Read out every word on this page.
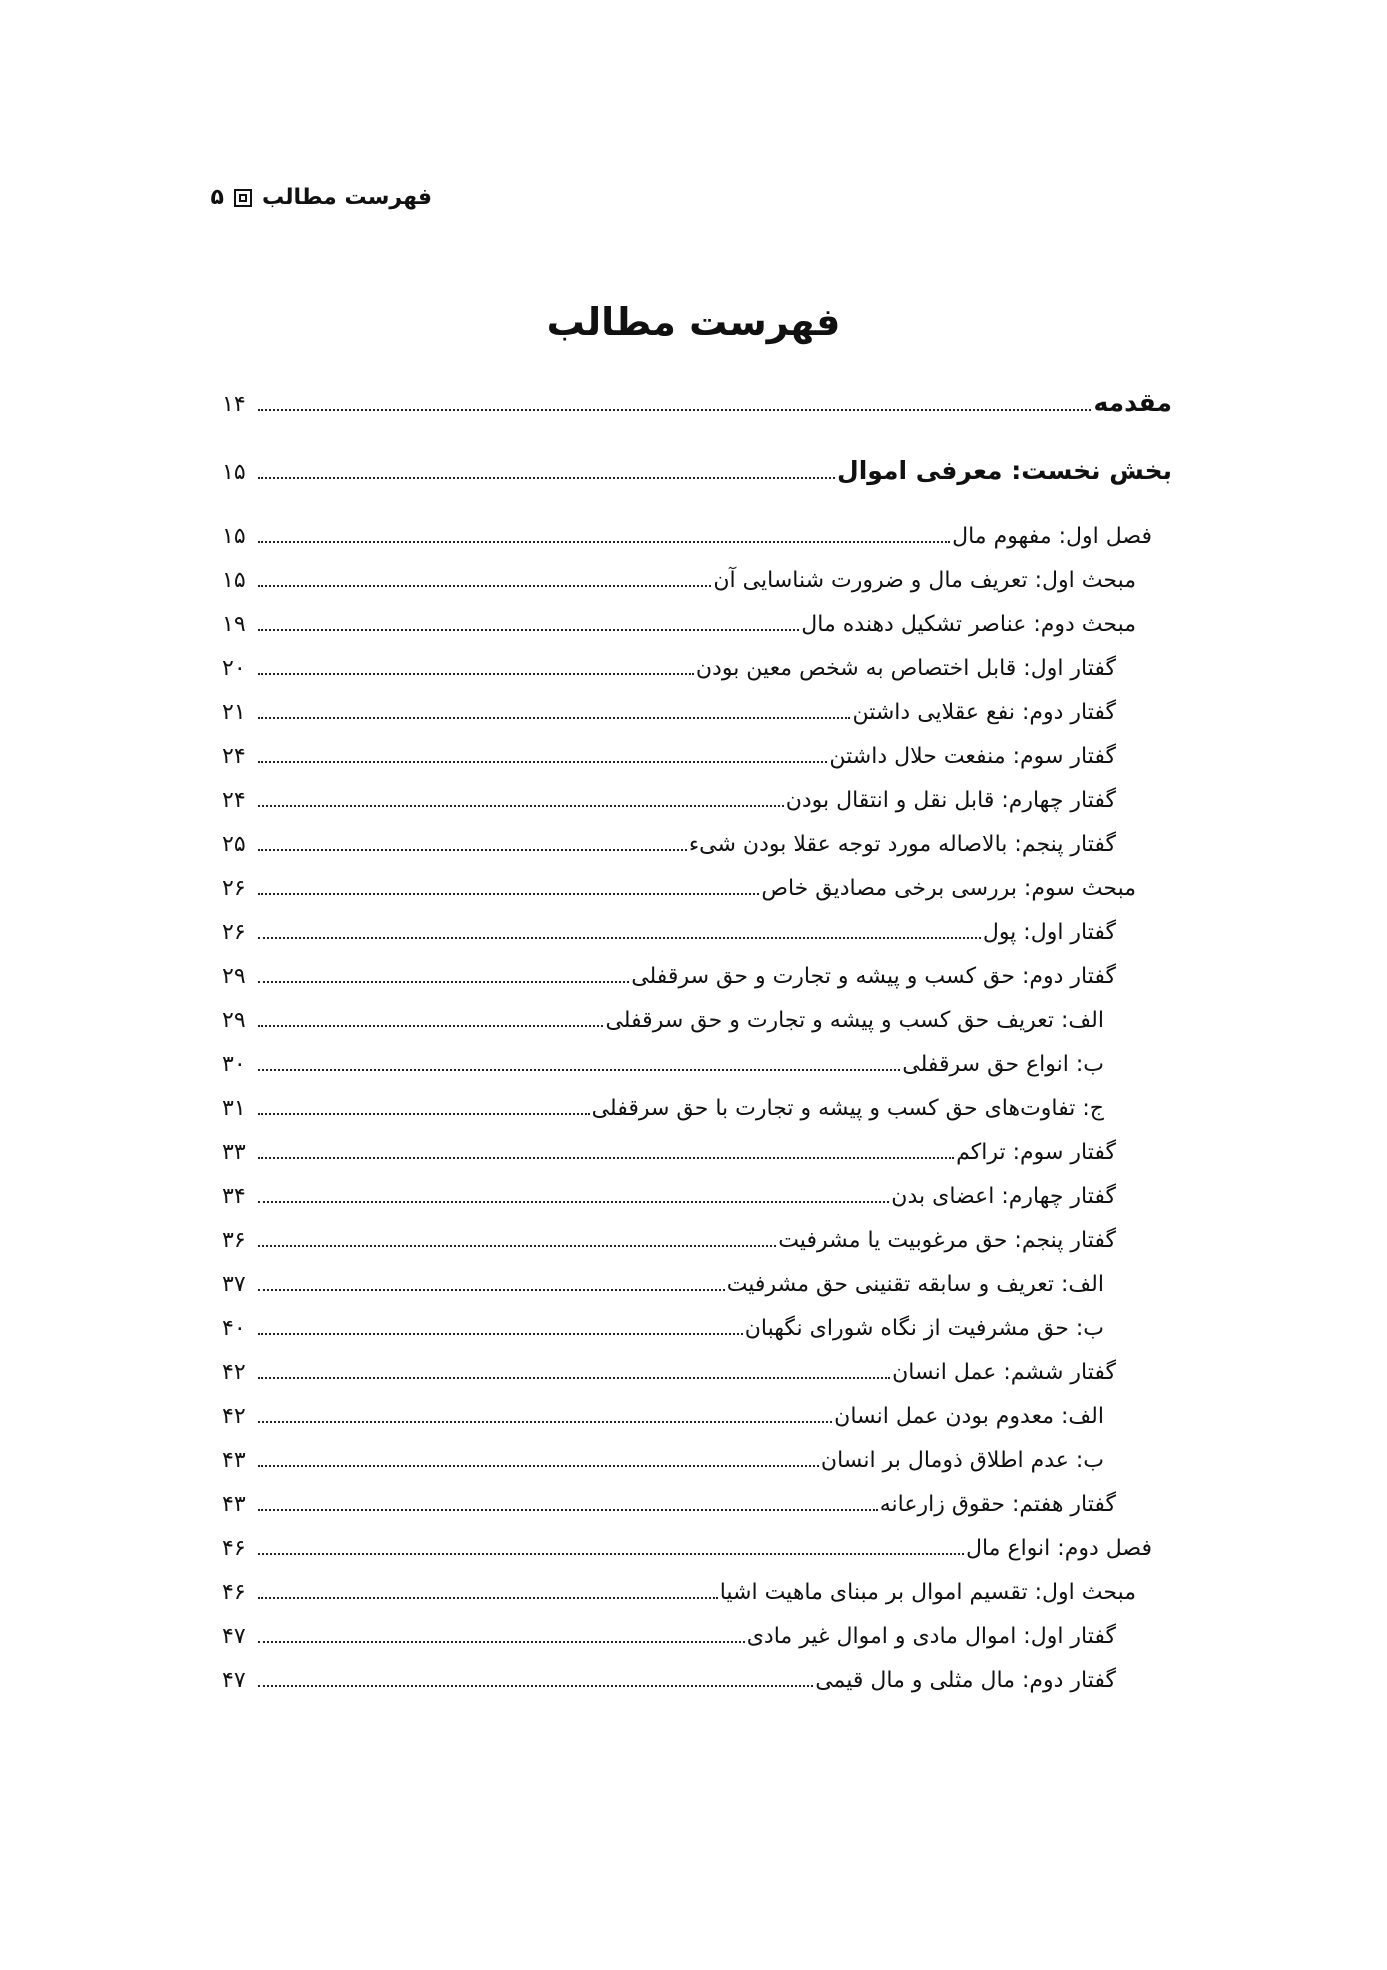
فهرست مطالب
۵
فهرست مطالب
مقدمه
۱۴
بخش نخست: معرفی اموال
۱۵
فصل اول: مفهوم مال
۱۵
مبحث اول: تعریف مال و ضرورت شناسایی آن
۱۵
مبحث دوم: عناصر تشکیل دهنده مال
۱۹
گفتار اول: قابل اختصاص به شخص معین بودن
۲۰
گفتار دوم: نفع عقلایی داشتن
۲۱
گفتار سوم: منفعت حلال داشتن
۲۴
گفتار چهارم: قابل نقل و انتقال بودن
۲۴
گفتار پنجم: بالاصاله مورد توجه عقلا بودن شیء
۲۵
مبحث سوم: بررسی برخی مصادیق خاص
۲۶
گفتار اول: پول
۲۶
گفتار دوم: حق کسب و پیشه و تجارت و حق سرقفلی
۲۹
الف: تعریف حق کسب و پیشه و تجارت و حق سرقفلی
۲۹
ب: انواع حق سرقفلی
۳۰
ج: تفاوت‌های حق کسب و پیشه و تجارت با حق سرقفلی
۳۱
گفتار سوم: تراکم
۳۳
گفتار چهارم: اعضای بدن
۳۴
گفتار پنجم: حق مرغوبیت یا مشرفیت
۳۶
الف: تعریف و سابقه تقنینی حق مشرفیت
۳۷
ب: حق مشرفیت از نگاه شورای نگهبان
۴۰
گفتار ششم: عمل انسان
۴۲
الف: معدوم بودن عمل انسان
۴۲
ب: عدم اطلاق ذومال بر انسان
۴۳
گفتار هفتم: حقوق زارعانه
۴۳
فصل دوم: انواع مال
۴۶
مبحث اول: تقسیم اموال بر مبنای ماهیت اشیا
۴۶
گفتار اول: اموال مادی و اموال غیر مادی
۴۷
گفتار دوم: مال مثلی و مال قیمی
۴۷
